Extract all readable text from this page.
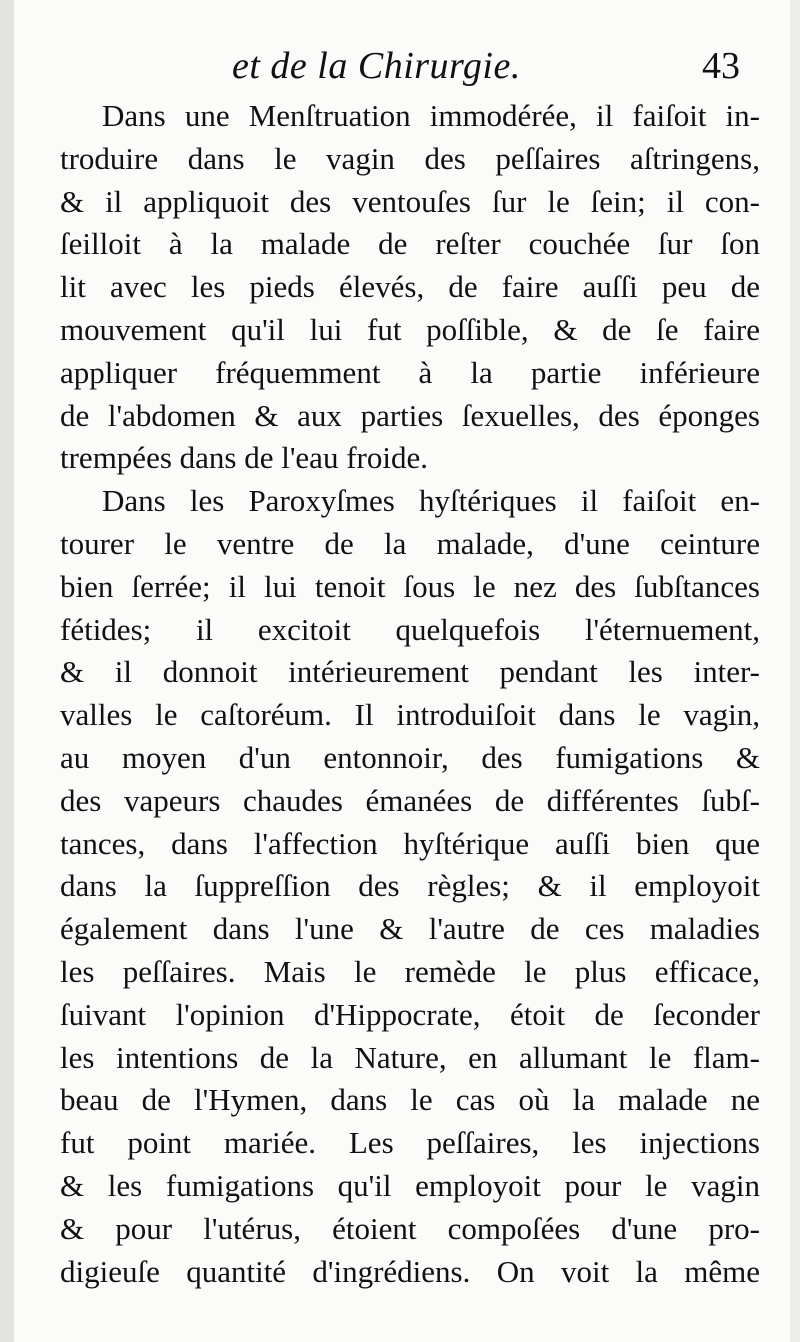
et de la Chirurgie.	43
Dans une Menſtruation immodérée, il faiſoit in-
troduire dans le vagin des peſſaires aſtringens,
& il appliquoit des ventouſes ſur le ſein; il con-
ſeilloit à la malade de reſter couchée ſur ſon
lit avec les pieds élevés, de faire auſſi peu de
mouvement qu'il lui fut poſſible, & de ſe faire
appliquer fréquemment à la partie inférieure
de l'abdomen & aux parties ſexuelles, des éponges
trempées dans de l'eau froide.
Dans les Paroxyſmes hyſtériques il faiſoit en-
tourer le ventre de la malade, d'une ceinture
bien ſerrée; il lui tenoit ſous le nez des ſubſtances
fétides; il excitoit quelquefois l'éternuement,
& il donnoit intérieurement pendant les inter-
valles le caſtoréum. Il introduiſoit dans le vagin,
au moyen d'un entonnoir, des fumigations &
des vapeurs chaudes émanées de différentes ſubſ-
tances, dans l'affection hyſtérique auſſi bien que
dans la ſuppreſſion des règles; & il employoit
également dans l'une & l'autre de ces maladies
les peſſaires. Mais le remède le plus efficace,
ſuivant l'opinion d'Hippocrate, étoit de ſeconder
les intentions de la Nature, en allumant le flam-
beau de l'Hymen, dans le cas où la malade ne
fut point mariée. Les peſſaires, les injections
& les fumigations qu'il employoit pour le vagin
& pour l'utérus, étoient compoſées d'une pro-
digieuſe quantité d'ingrédiens. On voit la même
